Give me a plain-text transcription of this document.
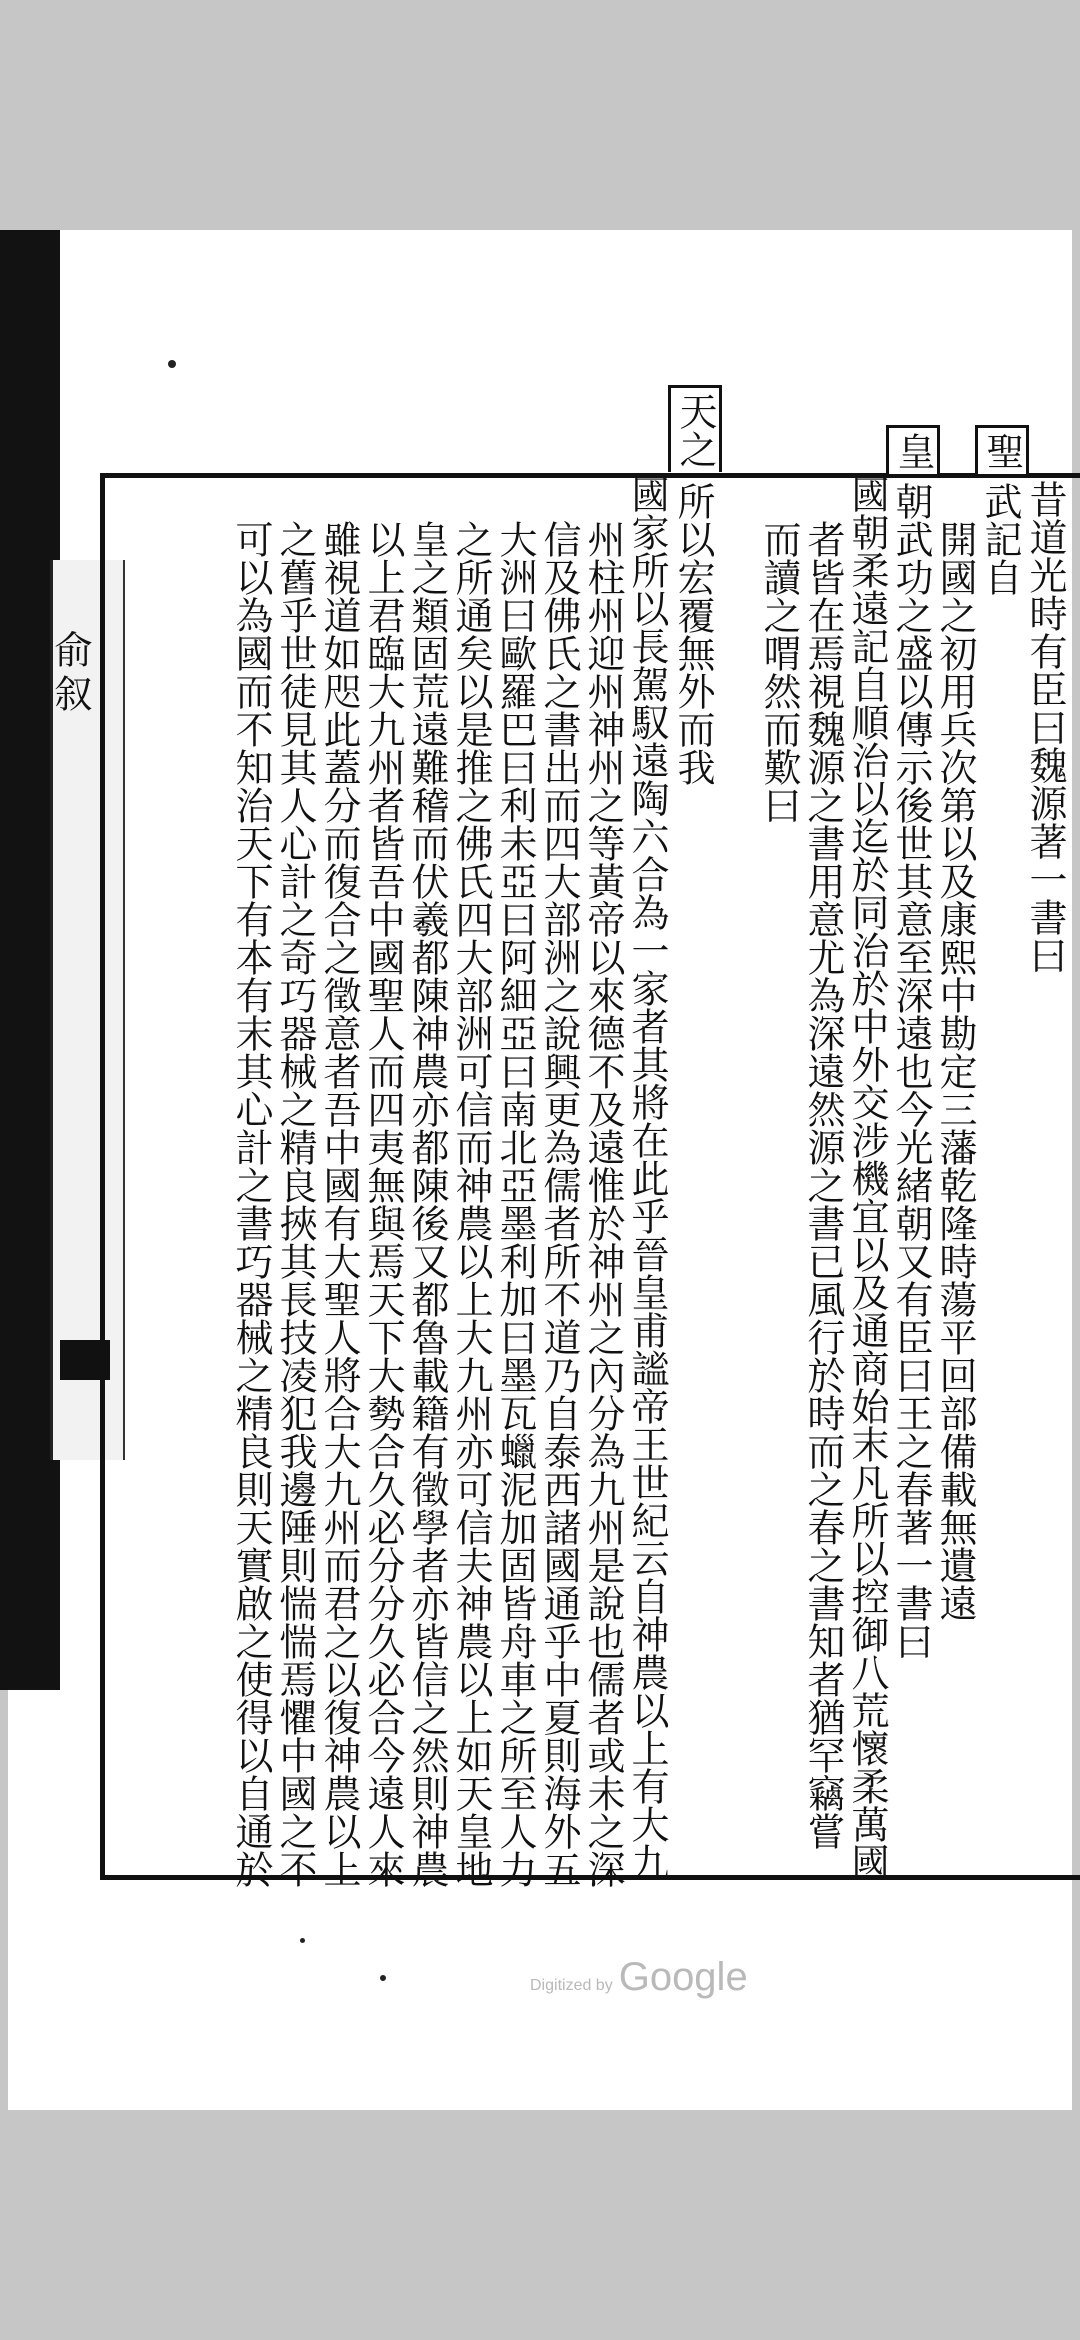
俞叙
聖
皇
天之
昔道光時有臣曰魏源著一書曰
武記自
開國之初用兵次第以及康熙中勘定三藩乾隆時蕩平回部備載無遺遠
朝武功之盛以傳示後世其意至深遠也今光緒朝又有臣曰王之春著一書曰
國朝柔遠記自順治以迄於同治於中外交涉機宜以及通商始末凡所以控御八荒懷柔萬國
者皆在焉視魏源之書用意尤為深遠然源之書已風行於時而之春之書知者猶罕竊嘗
而讀之喟然而歎曰
所以宏覆無外而我
國家所以長駕馭遠陶六合為一家者其將在此乎晉皇甫謐帝王世紀云自神農以上有大九
州柱州迎州神州之等黃帝以來德不及遠惟於神州之內分為九州是說也儒者或未之深
信及佛氏之書出而四大部洲之說興更為儒者所不道乃自泰西諸國通乎中夏則海外五
大洲曰歐羅巴曰利未亞曰阿細亞曰南北亞墨利加曰墨瓦蠟泥加固皆舟車之所至人力
之所通矣以是推之佛氏四大部洲可信而神農以上大九州亦可信夫神農以上如天皇地
皇之類固荒遠難稽而伏羲都陳神農亦都陳後又都魯載籍有徵學者亦皆信之然則神農
以上君臨大九州者皆吾中國聖人而四夷無與焉天下大勢合久必分分久必合今遠人來
雖視道如咫此蓋分而復合之徵意者吾中國有大聖人將合大九州而君之以復神農以上
之舊乎世徒見其人心計之奇巧器械之精良挾其長技凌犯我邊陲則惴惴焉懼中國之不
可以為國而不知治天下有本有末其心計之書巧器械之精良則天實啟之使得以自通於
Digitized by Google
